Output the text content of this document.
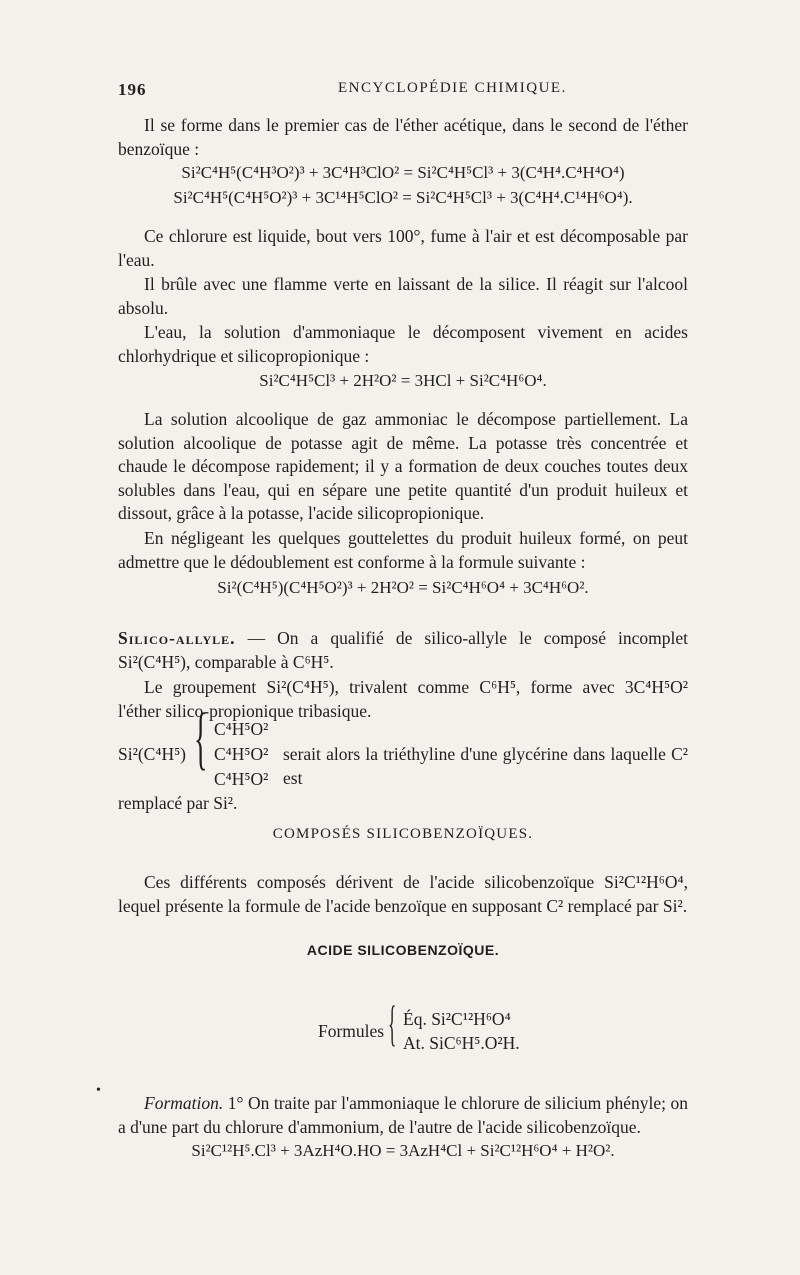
196	ENCYCLOPÉDIE CHIMIQUE.
Il se forme dans le premier cas de l'éther acétique, dans le second de l'éther benzoïque :
Si²C⁴H⁵(C⁴H³O²)³ + 3C⁴H³ClO² = Si²C⁴H⁵Cl³ + 3(C⁴H⁴.C⁴H⁴O⁴)
Si²C⁴H⁵(C⁴H⁵O²)³ + 3C¹⁴H⁵ClO² = Si²C⁴H⁵Cl³ + 3(C⁴H⁴.C¹⁴H⁶O⁴).
Ce chlorure est liquide, bout vers 100°, fume à l'air et est décomposable par l'eau.
Il brûle avec une flamme verte en laissant de la silice. Il réagit sur l'alcool absolu.
L'eau, la solution d'ammoniaque le décomposent vivement en acides chlorhydrique et silicopropionique :
Si²C⁴H⁵Cl³ + 2H²O² = 3HCl + Si²C⁴H⁶O⁴.
La solution alcoolique de gaz ammoniac le décompose partiellement. La solution alcoolique de potasse agit de même. La potasse très concentrée et chaude le décompose rapidement; il y a formation de deux couches toutes deux solubles dans l'eau, qui en sépare une petite quantité d'un produit huileux et dissout, grâce à la potasse, l'acide silicopropionique.
En négligeant les quelques gouttelettes du produit huileux formé, on peut admettre que le dédoublement est conforme à la formule suivante :
Si²(C⁴H⁵)(C⁴H⁵O²)³ + 2H²O² = Si²C⁴H⁶O⁴ + 3C⁴H⁶O².
Silico-allyle. — On a qualifié de silico-allyle le composé incomplet Si²(C⁴H⁵), comparable à C⁶H⁵.
Le groupement Si²(C⁴H⁵), trivalent comme C⁶H⁵, forme avec 3C⁴H⁵O² l'éther silico-propionique tribasique.
Si²(C⁴H⁵) { C⁴H⁵O²
C⁴H⁵O²
C⁴H⁵O²
serait alors la triéthyline d'une glycérine dans laquelle C² est
remplacé par Si².
COMPOSÉS SILICOBENZOÏQUES.
Ces différents composés dérivent de l'acide silicobenzoïque Si²C¹²H⁶O⁴, lequel présente la formule de l'acide benzoïque en supposant C² remplacé par Si².
ACIDE SILICOBENZOÏQUE.
Formules { Éq. Si²C¹²H⁶O⁴
At. SiC⁶H⁵.O²H.
•
Formation. 1° On traite par l'ammoniaque le chlorure de silicium phényle; on a d'une part du chlorure d'ammonium, de l'autre de l'acide silicobenzoïque.
Si²C¹²H⁵.Cl³ + 3AzH⁴O.HO = 3AzH⁴Cl + Si²C¹²H⁶O⁴ + H²O².
